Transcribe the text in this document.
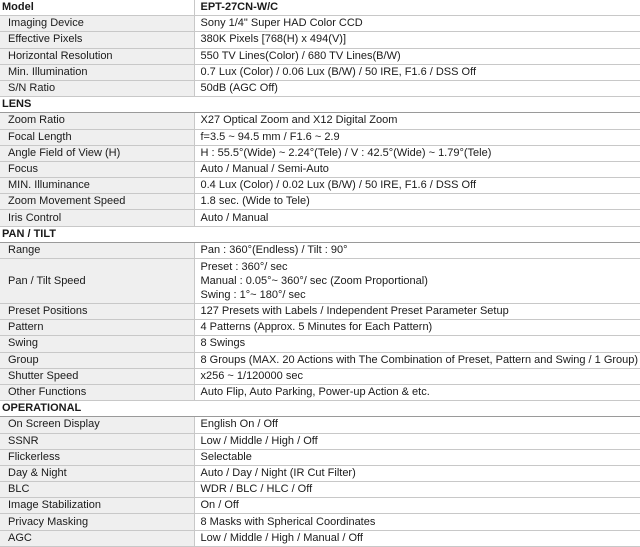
Model	EPT-27CN-W/C
Imaging Device	Sony 1/4" Super HAD Color CCD

Effective Pixels	380K Pixels [768(H) x 494(V)]

Horizontal Resolution	550 TV Lines(Color) / 680 TV Lines(B/W)

Min. Illumination	0.7 Lux (Color) / 0.06 Lux (B/W) / 50 IRE, F1.6 / DSS Off

S/N Ratio	50dB (AGC Off)

LENS	
Zoom Ratio	X27 Optical Zoom and X12 Digital Zoom

Focal Length	f=3.5 ~ 94.5 mm / F1.6 ~ 2.9

Angle Field of View (H)	H : 55.5°(Wide) ~ 2.24°(Tele) / V : 42.5°(Wide) ~ 1.79°(Tele)

Focus	Auto / Manual / Semi-Auto

MIN. Illuminance	0.4 Lux (Color) / 0.02 Lux (B/W) / 50 IRE, F1.6 / DSS Off

Zoom Movement Speed	1.8 sec. (Wide to Tele)

Iris Control	Auto / Manual

PAN / TILT	
Range	Pan : 360°(Endless) / Tilt : 90°

Pan / Tilt Speed	Preset : 360°/ sec
Manual : 0.05°~ 360°/ sec (Zoom Proportional)
Swing : 1°~ 180°/ sec

Preset Positions	127 Presets with Labels / Independent Preset Parameter Setup

Pattern	4 Patterns (Approx. 5 Minutes for Each Pattern)

Swing	8 Swings

Group	8 Groups (MAX. 20 Actions with The Combination of Preset, Pattern and Swing / 1 Group)

Shutter Speed	x256 ~ 1/120000 sec

Other Functions	Auto Flip, Auto Parking, Power-up Action & etc.

OPERATIONAL	
On Screen Display	English On / Off

SSNR	Low / Middle / High / Off

Flickerless	Selectable

Day & Night	Auto / Day / Night (IR Cut Filter)

BLC	WDR / BLC / HLC / Off

Image Stabilization	On / Off

Privacy Masking	8 Masks with Spherical Coordinates

AGC	Low / Middle / High / Manual / Off
